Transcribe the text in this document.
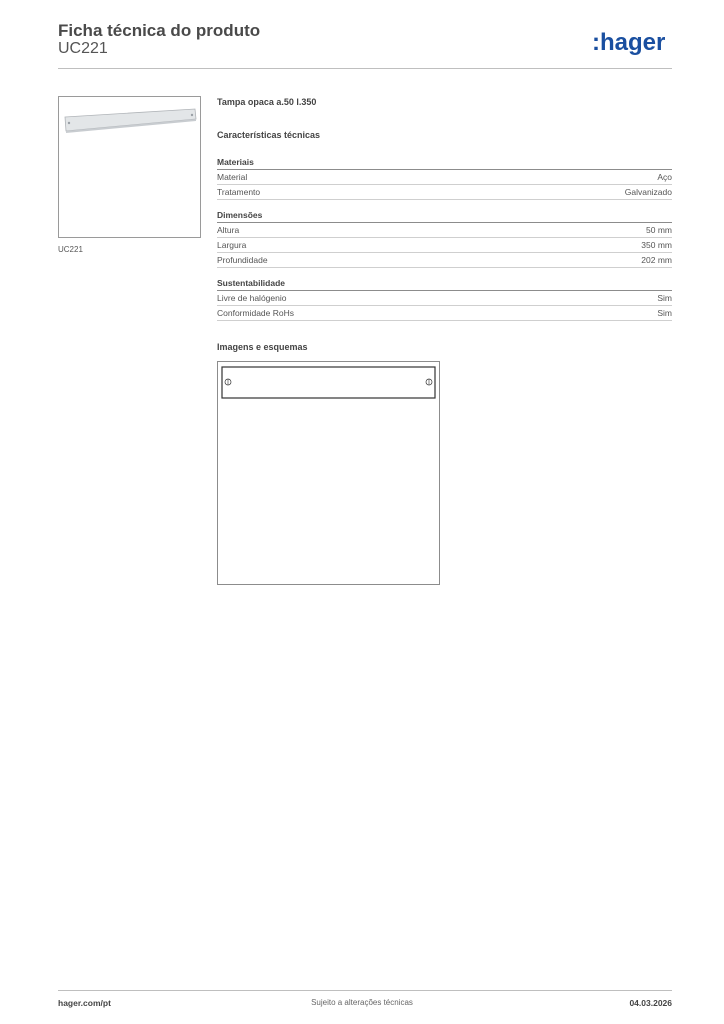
Ficha técnica do produto
UC221	:hager
UC221
Tampa opaca a.50 l.350
Características técnicas
Materiais
Material	Aço
Tratamento	Galvanizado
Dimensões
Altura	50 mm
Largura	350 mm
Profundidade	202 mm
Sustentabilidade
Livre de halógenio	Sim
Conformidade RoHs	Sim
Imagens e esquemas
hager.com/pt	Sujeito a alterações técnicas	04.03.2026
